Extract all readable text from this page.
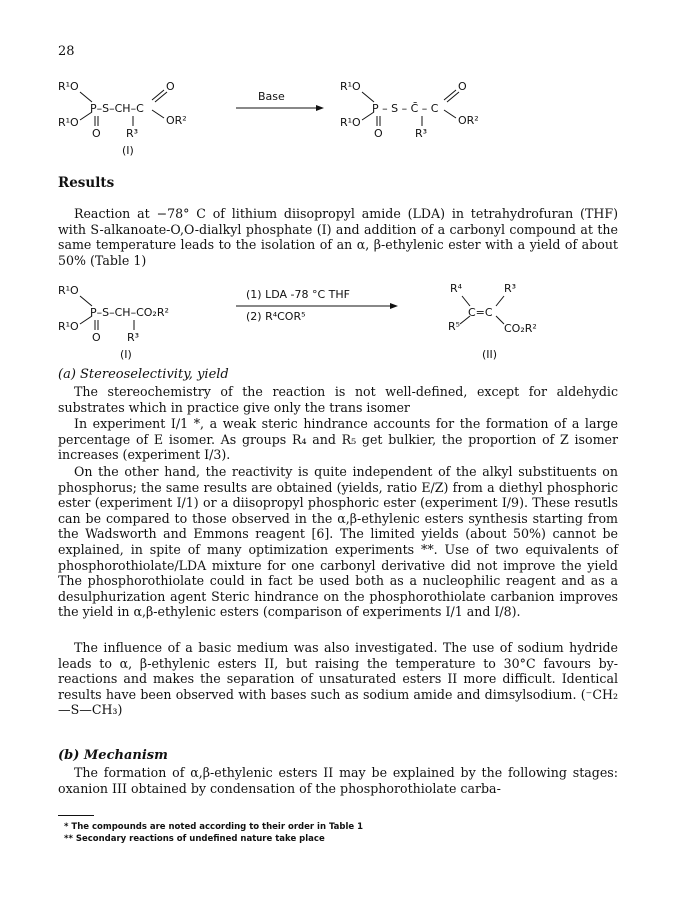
28
R¹O
P–S–CH–C
O
OR²
R¹O
O R³
(I)
Base
R¹O
P – S – C̄ – C
O
OR²
R¹O
O	R³
Results
Reaction at −78° C of lithium diisopropyl amide (LDA) in tetrahydrofuran (THF) with S-alkanoate-O,O-dialkyl phosphate (I) and addition of a carbonyl compound at the same temperature leads to the isolation of an α, β-ethylenic ester with a yield of about 50% (Table 1)
R¹O
P–S–CH–CO₂R²
R¹O
O R³
(I)
(1) LDA -78 °C THF
(2) R⁴COR⁵
R⁴
C=C
R³
R⁵	CO₂R²
(II)
(a) Stereoselectivity, yield
The stereochemistry of the reaction is not well-defined, except for aldehydic substrates which in practice give only the trans isomer
In experiment I/1 *, a weak steric hindrance accounts for the formation of a large percentage of E isomer. As groups R₄ and R₅ get bulkier, the proportion of Z isomer increases (experiment I/3).
On the other hand, the reactivity is quite independent of the alkyl substituents on phosphorus; the same results are obtained (yields, ratio E/Z) from a diethyl phosphoric ester (experiment I/1) or a diisopropyl phosphoric ester (experiment I/9). These resutls can be compared to those observed in the α,β-ethylenic esters synthesis starting from the Wadsworth and Emmons reagent [6]. The limited yields (about 50%) cannot be explained, in spite of many optimization experiments **. Use of two equivalents of phosphorothiolate/LDA mixture for one carbonyl derivative did not improve the yield The phosphorothiolate could in fact be used both as a nucleophilic reagent and as a desulphurization agent Steric hindrance on the phosphorothiolate carbanion improves the yield in α,β-ethylenic esters (comparison of experiments I/1 and I/8).
The influence of a basic medium was also investigated. The use of sodium hydride leads to α, β-ethylenic esters II, but raising the temperature to 30°C favours by-reactions and makes the separation of unsaturated esters II more difficult. Identical results have been observed with bases such as sodium amide and dimsylsodium. (⁻CH₂—S—CH₃)
(b) Mechanism
The formation of α,β-ethylenic esters II may be explained by the following stages: oxanion III obtained by condensation of the phosphorothiolate carba-
* The compounds are noted according to their order in Table 1
** Secondary reactions of undefined nature take place
